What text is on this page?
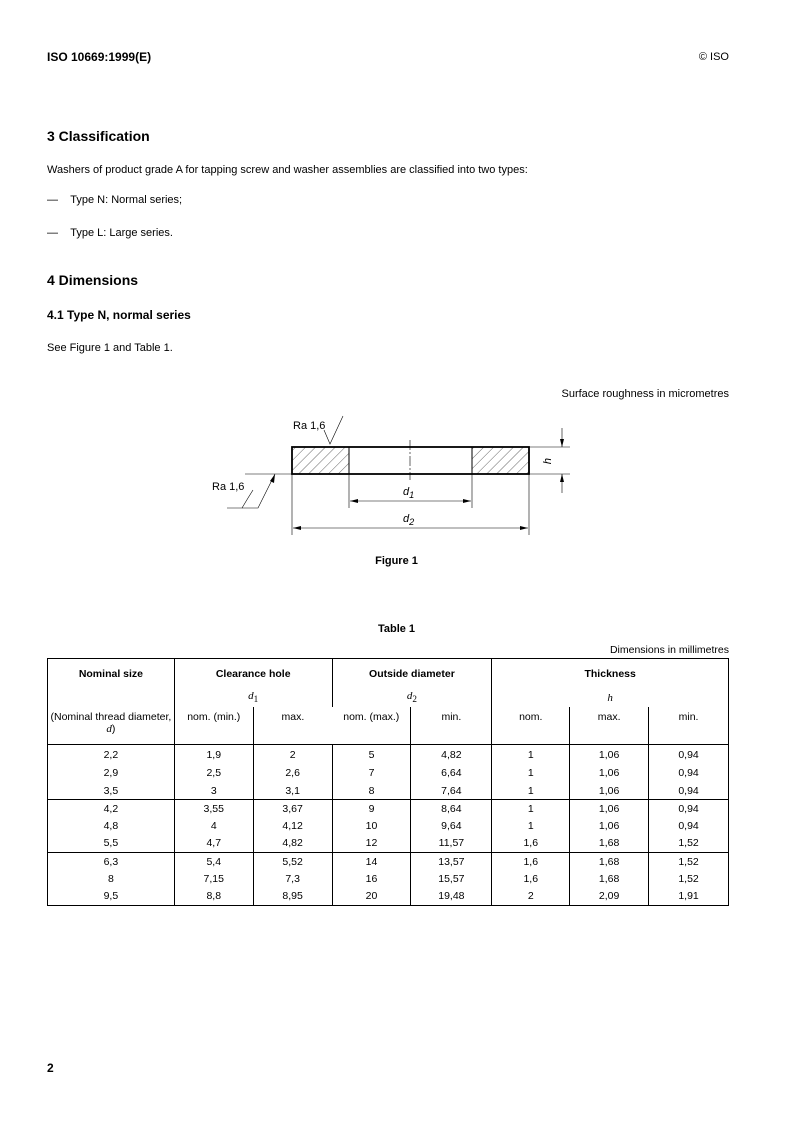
ISO 10669:1999(E)	© ISO
3 Classification
Washers of product grade A for tapping screw and washer assemblies are classified into two types:
— Type N: Normal series;
— Type L: Large series.
4 Dimensions
4.1 Type N, normal series
See Figure 1 and Table 1.
Surface roughness in micrometres
Ra 1,6
Ra 1,6	$d_1$
$d_2$
h
Figure 1
Table 1
Dimensions in millimetres
Nominal size	Clearance hole		Outside diameter		Thickness		
	$d_1$		$d_2$		h		
(Nominal thread diameter, d)	nom. (min.)	max.	nom. (max.)	min.	nom.	max.	min.
2,2	1,9	2	5	4,82	1	1,06	0,94
2,9	2,5	2,6	7	6,64	1	1,06	0,94
3,5	3	3,1	8	7,64	1	1,06	0,94
4,2	3,55	3,67	9	8,64	1	1,06	0,94
4,8	4	4,12	10	9,64	1	1,06	0,94
5,5	4,7	4,82	12	11,57	1,6	1,68	1,52
6,3	5,4	5,52	14	13,57	1,6	1,68	1,52
8	7,15	7,3	16	15,57	1,6	1,68	1,52
9,5	8,8	8,95	20	19,48	2	2,09	1,91
2
